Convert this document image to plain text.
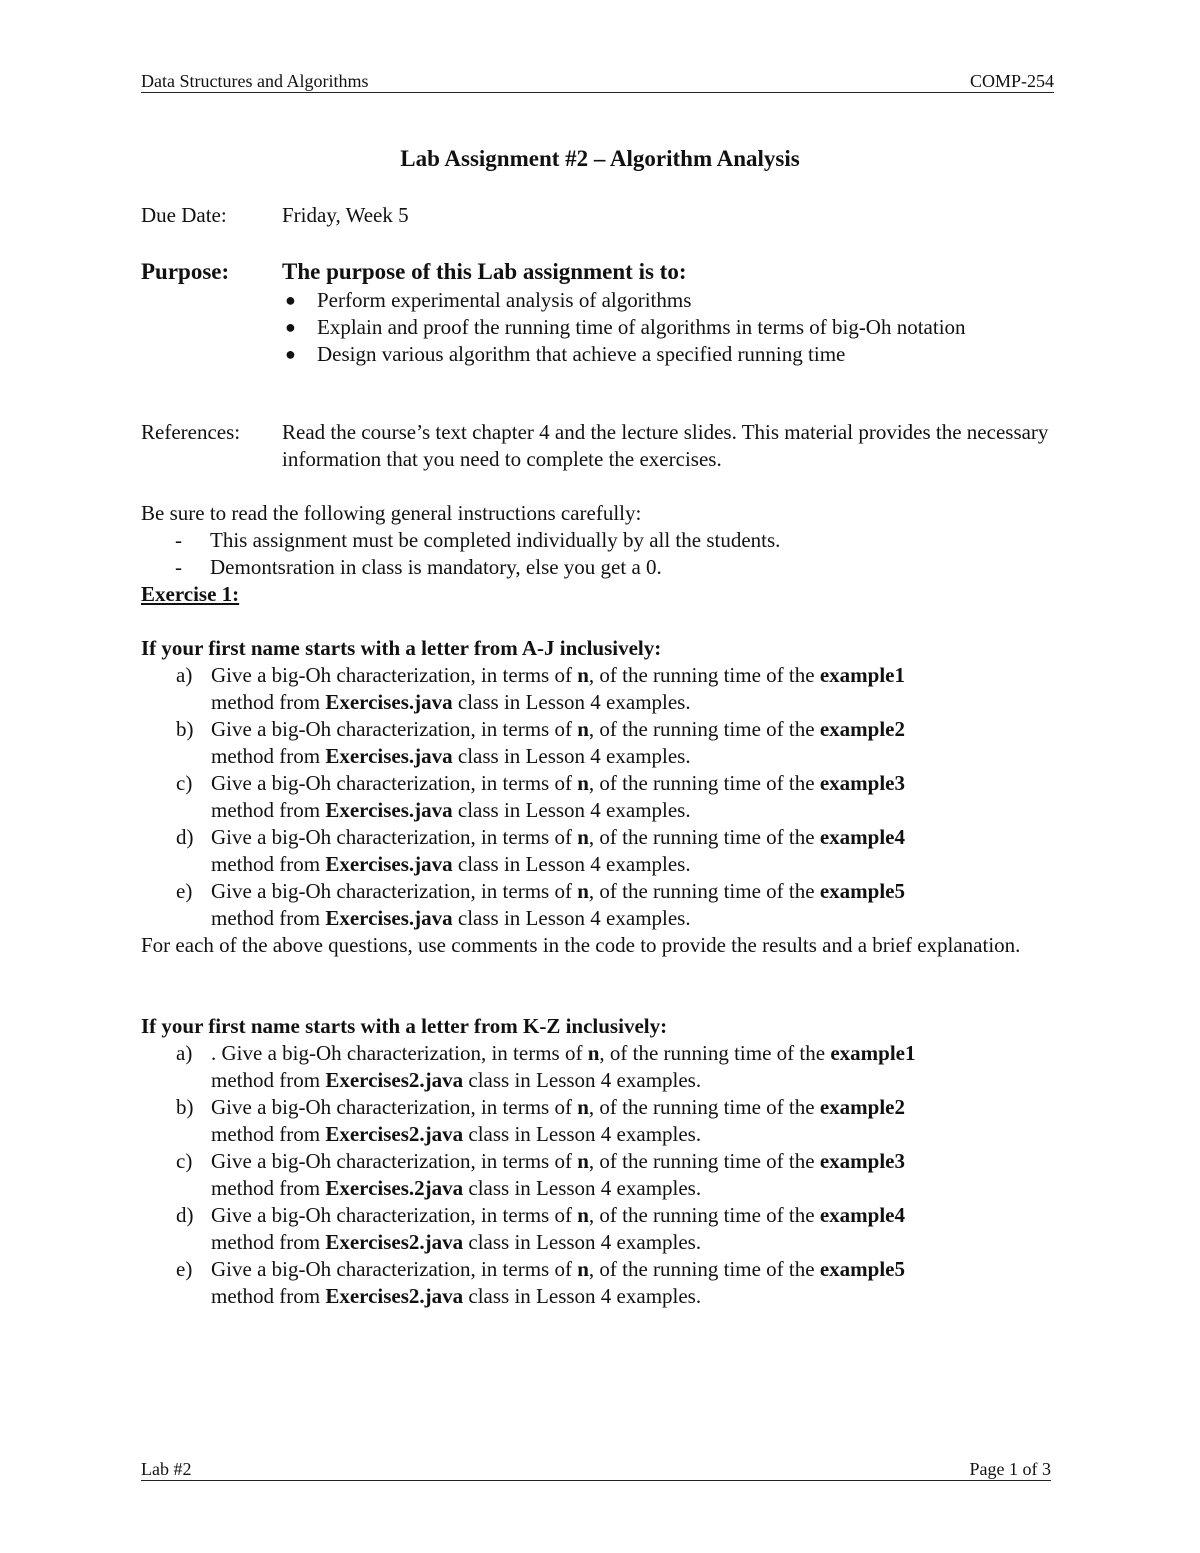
Data Structures and Algorithms	COMP-254
Lab Assignment #2 – Algorithm Analysis
Due Date:	Friday, Week 5
Purpose: The purpose of this Lab assignment is to:
● Perform experimental analysis of algorithms
● Explain and proof the running time of algorithms in terms of big-Oh notation
● Design various algorithm that achieve a specified running time
References: Read the course’s text chapter 4 and the lecture slides. This material provides the necessary information that you need to complete the exercises.
Be sure to read the following general instructions carefully:
- This assignment must be completed individually by all the students.
- Demontsration in class is mandatory, else you get a 0.
Exercise 1:
If your first name starts with a letter from A-J inclusively:
a) Give a big-Oh characterization, in terms of n, of the running time of the example1
method from Exercises.java class in Lesson 4 examples.
b) Give a big-Oh characterization, in terms of n, of the running time of the example2
method from Exercises.java class in Lesson 4 examples.
c) Give a big-Oh characterization, in terms of n, of the running time of the example3
method from Exercises.java class in Lesson 4 examples.
d) Give a big-Oh characterization, in terms of n, of the running time of the example4
method from Exercises.java class in Lesson 4 examples.
e) Give a big-Oh characterization, in terms of n, of the running time of the example5
method from Exercises.java class in Lesson 4 examples.
For each of the above questions, use comments in the code to provide the results and a brief explanation.
If your first name starts with a letter from K-Z inclusively:
a) . Give a big-Oh characterization, in terms of n, of the running time of the example1
method from Exercises2.java class in Lesson 4 examples.
b) Give a big-Oh characterization, in terms of n, of the running time of the example2
method from Exercises2.java class in Lesson 4 examples.
c) Give a big-Oh characterization, in terms of n, of the running time of the example3
method from Exercises.2java class in Lesson 4 examples.
d) Give a big-Oh characterization, in terms of n, of the running time of the example4
method from Exercises2.java class in Lesson 4 examples.
e) Give a big-Oh characterization, in terms of n, of the running time of the example5
method from Exercises2.java class in Lesson 4 examples.
Lab #2	Page 1 of 3
